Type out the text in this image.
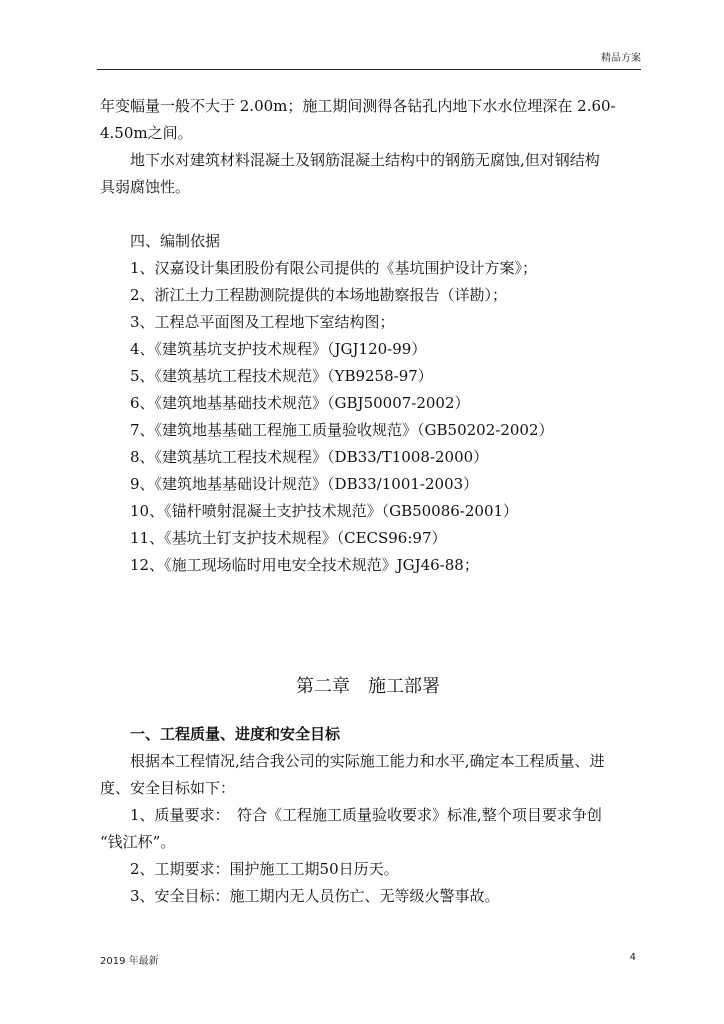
精品方案
年变幅量一般不大于 2.00m；施工期间测得各钻孔内地下水水位埋深在 2.60-
4.50m之间。
地下水对建筑材料混凝土及钢筋混凝土结构中的钢筋无腐蚀,但对钢结构
具弱腐蚀性。
四、编制依据
1、汉嘉设计集团股份有限公司提供的《基坑围护设计方案》；
2、浙江土力工程勘测院提供的本场地勘察报告（详勘）；
3、工程总平面图及工程地下室结构图；
4、《建筑基坑支护技术规程》（JGJ120-99）
5、《建筑基坑工程技术规范》（YB9258-97）
6、《建筑地基基础技术规范》（GBJ50007-2002）
7、《建筑地基基础工程施工质量验收规范》（GB50202-2002）
8、《建筑基坑工程技术规程》（DB33/T1008-2000）
9、《建筑地基基础设计规范》（DB33/1001-2003）
10、《锚杆喷射混凝土支护技术规范》（GB50086-2001）
11、《基坑土钉支护技术规程》（CECS96:97）
12、《施工现场临时用电安全技术规范》JGJ46-88；
第二章　施工部署
一、工程质量、进度和安全目标
根据本工程情况,结合我公司的实际施工能力和水平,确定本工程质量、进
度、安全目标如下：
1、质量要求：　符合《工程施工质量验收要求》标准,整个项目要求争创
“钱江杯”。
2、工期要求：围护施工工期50日历天。
3、安全目标：施工期内无人员伤亡、无等级火警事故。
2019 年最新	4
